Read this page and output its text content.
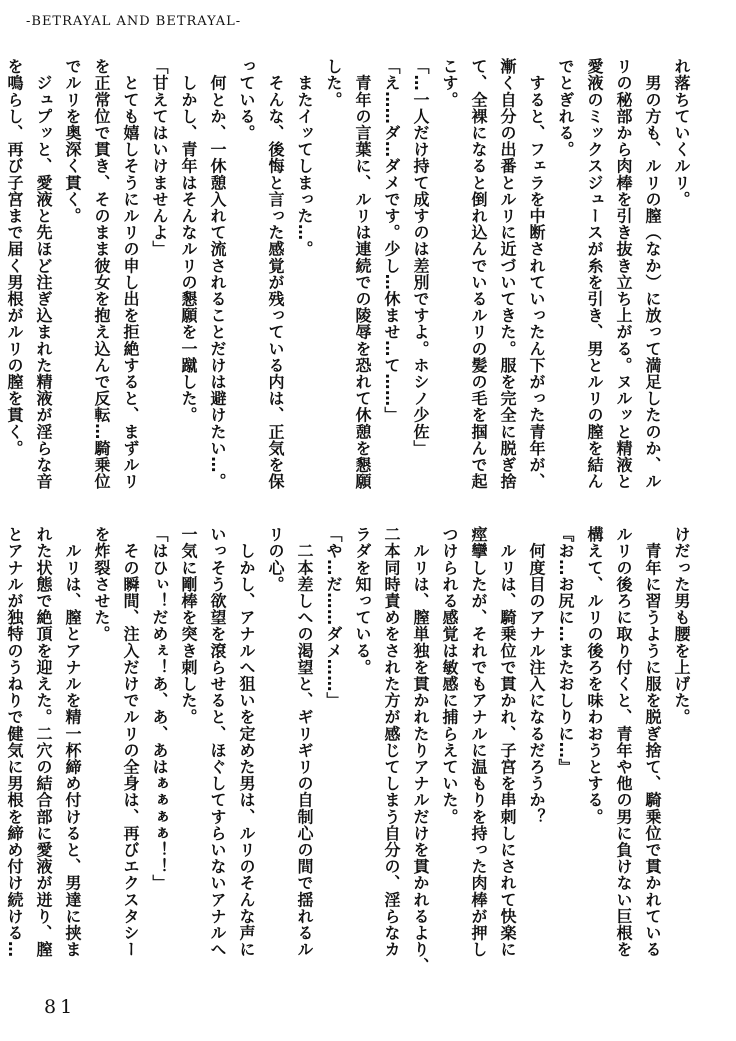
-BETRAYAL AND BETRAYAL-

れ落ちていくルリ。

　男の方も、ルリの膣（なか）に放って満足したのか、ル

リの秘部から肉棒を引き抜き立ち上がる。ヌルッと精液と

愛液のミックスジュースが糸を引き、男とルリの膣を結ん

でとぎれる。

　すると、フェラを中断されていったん下がった青年が、

漸く自分の出番とルリに近づいてきた。服を完全に脱ぎ捨

て、全裸になると倒れ込んでいるルリの髪の毛を掴んで起

こす。

「…一人だけ持て成すのは差別ですよ。ホシノ少佐」

「え……ダ…ダメです。少し…休ませ…て……」

　青年の言葉に、ルリは連続での陵辱を恐れて休憩を懇願

した。

　またイッてしまった…。

　そんな、後悔と言った感覚が残っている内は、正気を保

っている。

　何とか、一休憩入れて流されることだけは避けたい…。

　しかし、青年はそんなルリの懇願を一蹴した。

「甘えてはいけませんよ」

　とても嬉しそうにルリの申し出を拒絶すると、まずルリ

を正常位で貫き、そのまま彼女を抱え込んで反転…騎乗位

でルリを奥深く貫く。

　ジュプッと、愛液と先ほど注ぎ込まれた精液が淫らな音

を鳴らし、再び子宮まで届く男根がルリの膣を貫く。

けだった男も腰を上げた。

　青年に習うように服を脱ぎ捨て、騎乗位で貫かれている

ルリの後ろに取り付くと、青年や他の男に負けない巨根を

構えて、ルリの後ろを味わおうとする。

『お…お尻に…またおしりに…』

　何度目のアナル注入になるだろうか？

　ルリは、騎乗位で貫かれ、子宮を串刺しにされて快楽に

痙攣したが、それでもアナルに温もりを持った肉棒が押し

つけられる感覚は敏感に捕らえていた。

　ルリは、膣単独を貫かれたりアナルだけを貫かれるより、

二本同時責めをされた方が感じてしまう自分の、淫らなカ

ラダを知っている。

「や…だ……ダメ……」

　二本差しへの渇望と、ギリギリの自制心の間で揺れるル

リの心。

　しかし、アナルへ狙いを定めた男は、ルリのそんな声に

いっそう欲望を滾らせると、ほぐしてすらいないアナルへ

一気に剛棒を突き刺した。

「はひぃ！だめぇ！あ、あ、あはぁぁぁぁ！！」

　その瞬間、注入だけでルリの全身は、再びエクスタシー

を炸裂させた。

　ルリは、膣とアナルを精一杯締め付けると、男達に挟ま

れた状態で絶頂を迎えた。二穴の結合部に愛液が迸り、膣

とアナルが独特のうねりで健気に男根を締め付け続ける…

81
